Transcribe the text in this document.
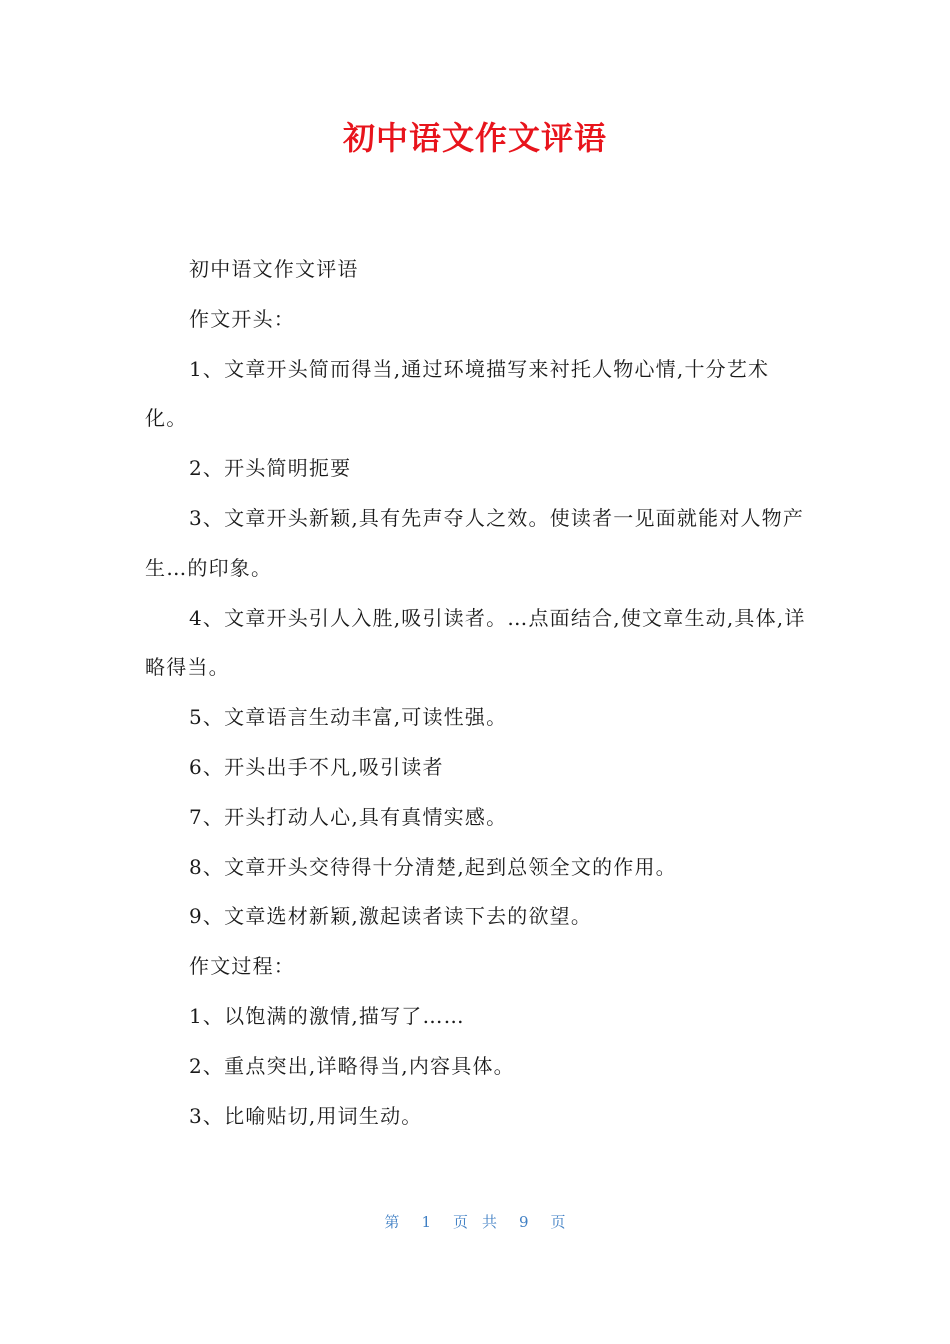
初中语文作文评语

初中语文作文评语

作文开头：

1、文章开头简而得当,通过环境描写来衬托人物心情,十分艺术化。

2、开头简明扼要

3、文章开头新颖,具有先声夺人之效。使读者一见面就能对人物产生…的印象。

4、文章开头引人入胜,吸引读者。…点面结合,使文章生动,具体,详略得当。

5、文章语言生动丰富,可读性强。

6、开头出手不凡,吸引读者

7、开头打动人心,具有真情实感。

8、文章开头交待得十分清楚,起到总领全文的作用。

9、文章选材新颖,激起读者读下去的欲望。

作文过程：

1、以饱满的激情,描写了……

2、重点突出,详略得当,内容具体。

3、比喻贴切,用词生动。

第 1 页共 9 页
